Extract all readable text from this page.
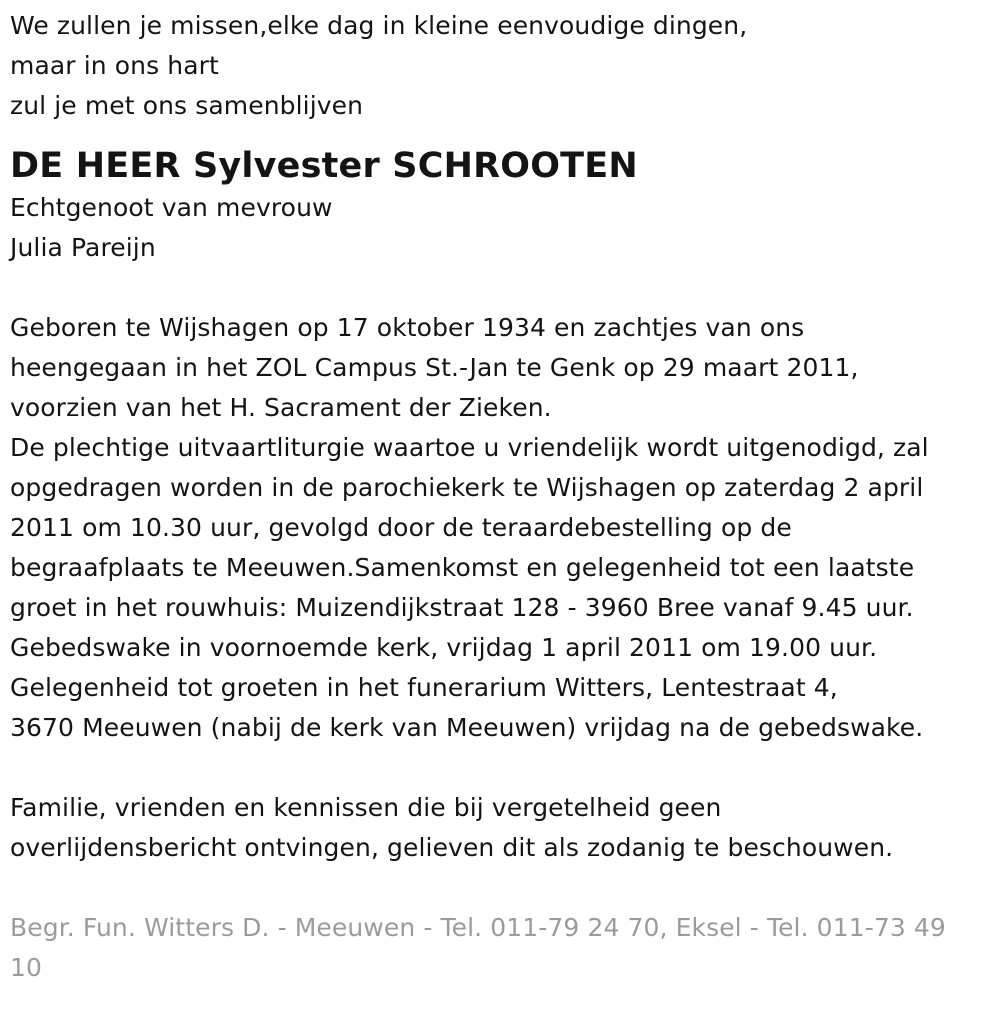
We zullen je missen,elke dag in kleine eenvoudige dingen,
maar in ons hart
zul je met ons samenblijven
DE HEER Sylvester SCHROOTEN
Echtgenoot van mevrouw
Julia Pareijn
Geboren te Wijshagen op 17 oktober 1934 en zachtjes van ons
heengegaan in het ZOL Campus St.-Jan te Genk op 29 maart 2011,
voorzien van het H. Sacrament der Zieken.
De plechtige uitvaartliturgie waartoe u vriendelijk wordt uitgenodigd, zal
opgedragen worden in de parochiekerk te Wijshagen op zaterdag 2 april
2011 om 10.30 uur, gevolgd door de teraardebestelling op de
begraafplaats te Meeuwen.Samenkomst en gelegenheid tot een laatste
groet in het rouwhuis: Muizendijkstraat 128 - 3960 Bree vanaf 9.45 uur.
Gebedswake in voornoemde kerk, vrijdag 1 april 2011 om 19.00 uur.
Gelegenheid tot groeten in het funerarium Witters, Lentestraat 4,
3670 Meeuwen (nabij de kerk van Meeuwen) vrijdag na de gebedswake.
Familie, vrienden en kennissen die bij vergetelheid geen
overlijdensbericht ontvingen, gelieven dit als zodanig te beschouwen.
Begr. Fun. Witters D. - Meeuwen - Tel. 011-79 24 70, Eksel - Tel. 011-73 49
10
